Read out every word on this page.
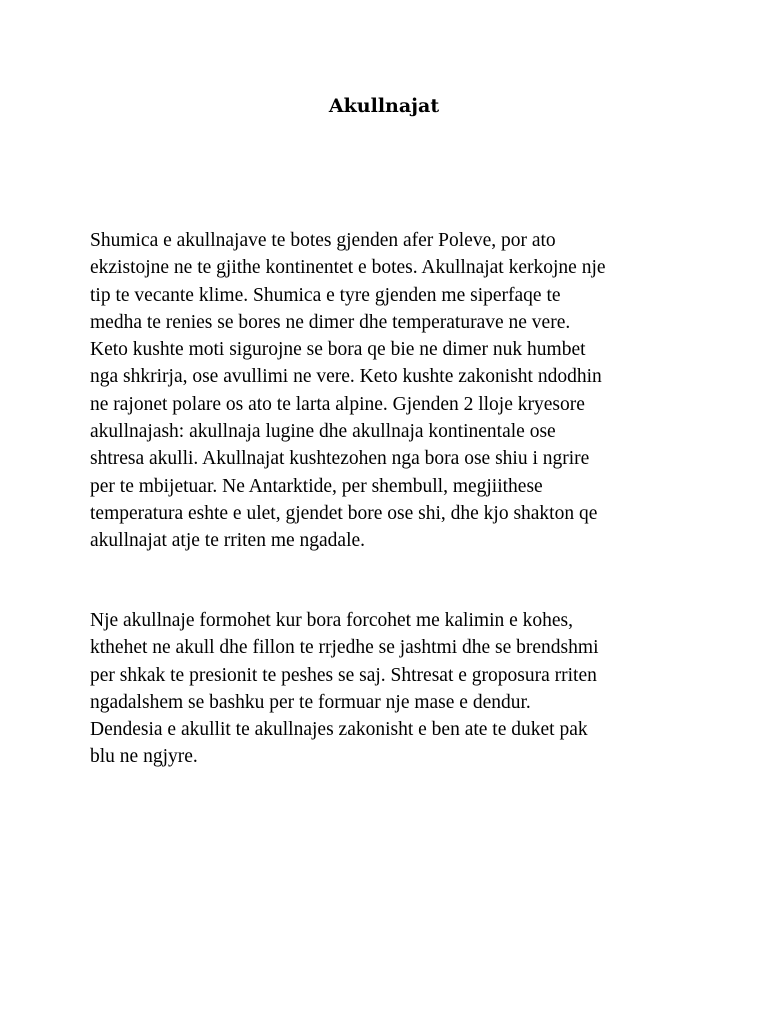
Akullnajat

Shumica e akullnajave te botes gjenden afer Poleve, por ato
ekzistojne ne te gjithe kontinentet e botes. Akullnajat kerkojne nje
tip te vecante klime. Shumica e tyre gjenden me siperfaqe te
medha te renies se bores ne dimer dhe temperaturave ne vere.
Keto kushte moti sigurojne se bora qe bie ne dimer nuk humbet
nga shkrirja, ose avullimi ne vere. Keto kushte zakonisht ndodhin
ne rajonet polare os ato te larta alpine. Gjenden 2 lloje kryesore
akullnajash: akullnaja lugine dhe akullnaja kontinentale ose
shtresa akulli. Akullnajat kushtezohen nga bora ose shiu i ngrire
per te mbijetuar. Ne Antarktide, per shembull, megjiithese
temperatura eshte e ulet, gjendet bore ose shi, dhe kjo shakton qe
akullnajat atje te rriten me ngadale.

Nje akullnaje formohet kur bora forcohet me kalimin e kohes,
kthehet ne akull dhe fillon te rrjedhe se jashtmi dhe se brendshmi
per shkak te presionit te peshes se saj. Shtresat e groposura rriten
ngadalshem se bashku per te formuar nje mase e dendur.
Dendesia e akullit te akullnajes zakonisht e ben ate te duket pak
blu ne ngjyre.
